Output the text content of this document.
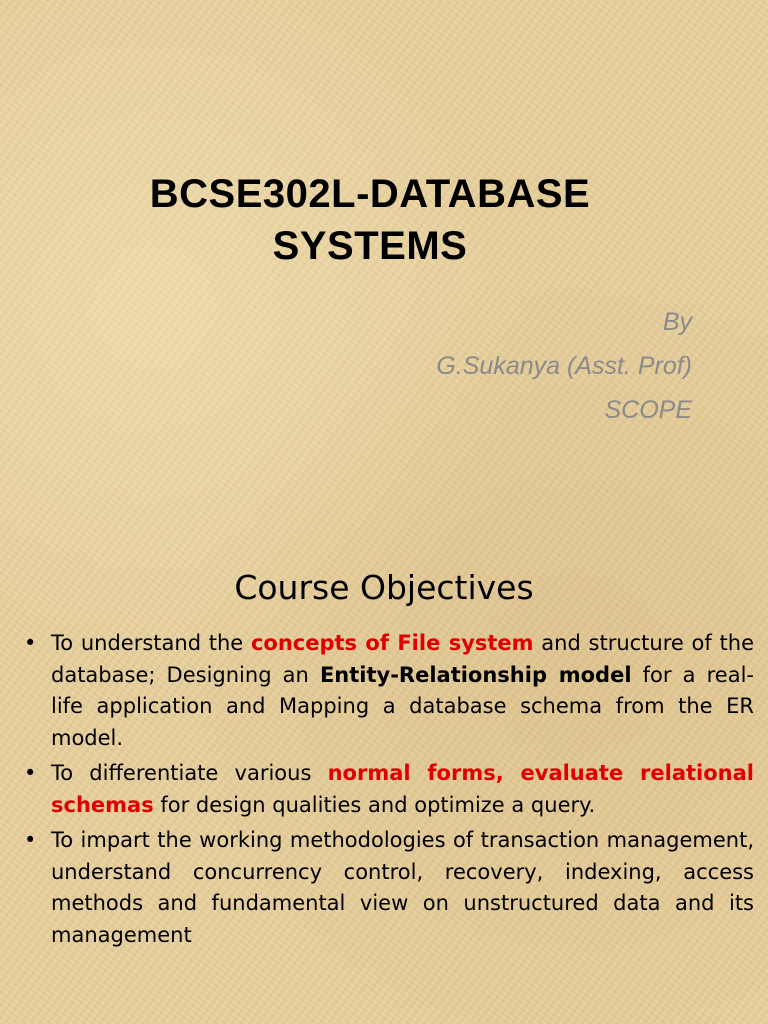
BCSE302L-DATABASE
SYSTEMS
By
G.Sukanya (Asst. Prof)
SCOPE
Course Objectives
• To understand the concepts of File system and structure of the database; Designing an Entity-Relationship model for a real-life application and Mapping a database schema from the ER model.
• To differentiate various normal forms, evaluate relational schemas for design qualities and optimize a query.
• To impart the working methodologies of transaction management, understand concurrency control, recovery, indexing, access methods and fundamental view on unstructured data and its management
